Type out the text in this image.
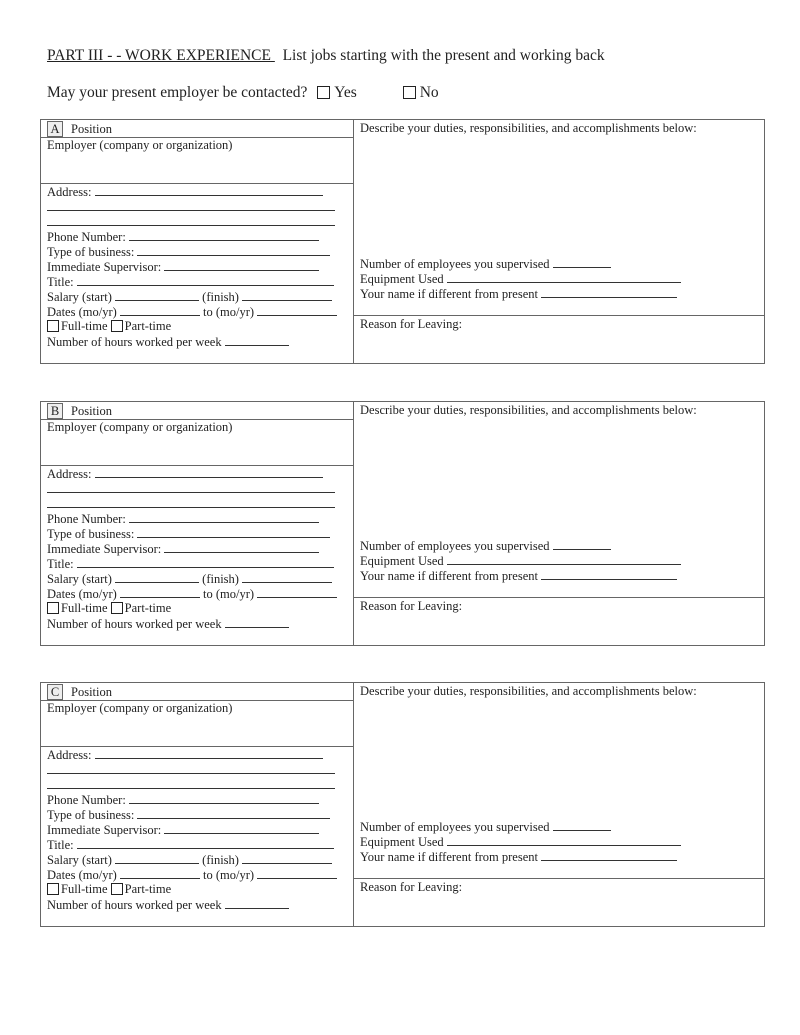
PART III - - WORK EXPERIENCE List jobs starting with the present and working back
May your present employer be contacted? Yes	No
A Position
Employer (company or organization)
Address:
Phone Number:
Type of business:
Immediate Supervisor:
Title:
Salary (start)	(finish)
Dates (mo/yr)	to (mo/yr)
Full-time Part-time
Number of hours worked per week
Describe your duties, responsibilities, and accomplishments below:
Number of employees you supervised
Equipment Used
Your name if different from present
Reason for Leaving:
B Position
Employer (company or organization)
Address:
Phone Number:
Type of business:
Immediate Supervisor:
Title:
Salary (start)	(finish)
Dates (mo/yr)	to (mo/yr)
Full-time Part-time
Number of hours worked per week
Describe your duties, responsibilities, and accomplishments below:
Number of employees you supervised
Equipment Used
Your name if different from present
Reason for Leaving:
C Position
Employer (company or organization)
Address:
Phone Number:
Type of business:
Immediate Supervisor:
Title:
Salary (start)	(finish)
Dates (mo/yr)	to (mo/yr)
Full-time Part-time
Number of hours worked per week
Describe your duties, responsibilities, and accomplishments below:
Number of employees you supervised
Equipment Used
Your name if different from present
Reason for Leaving:
